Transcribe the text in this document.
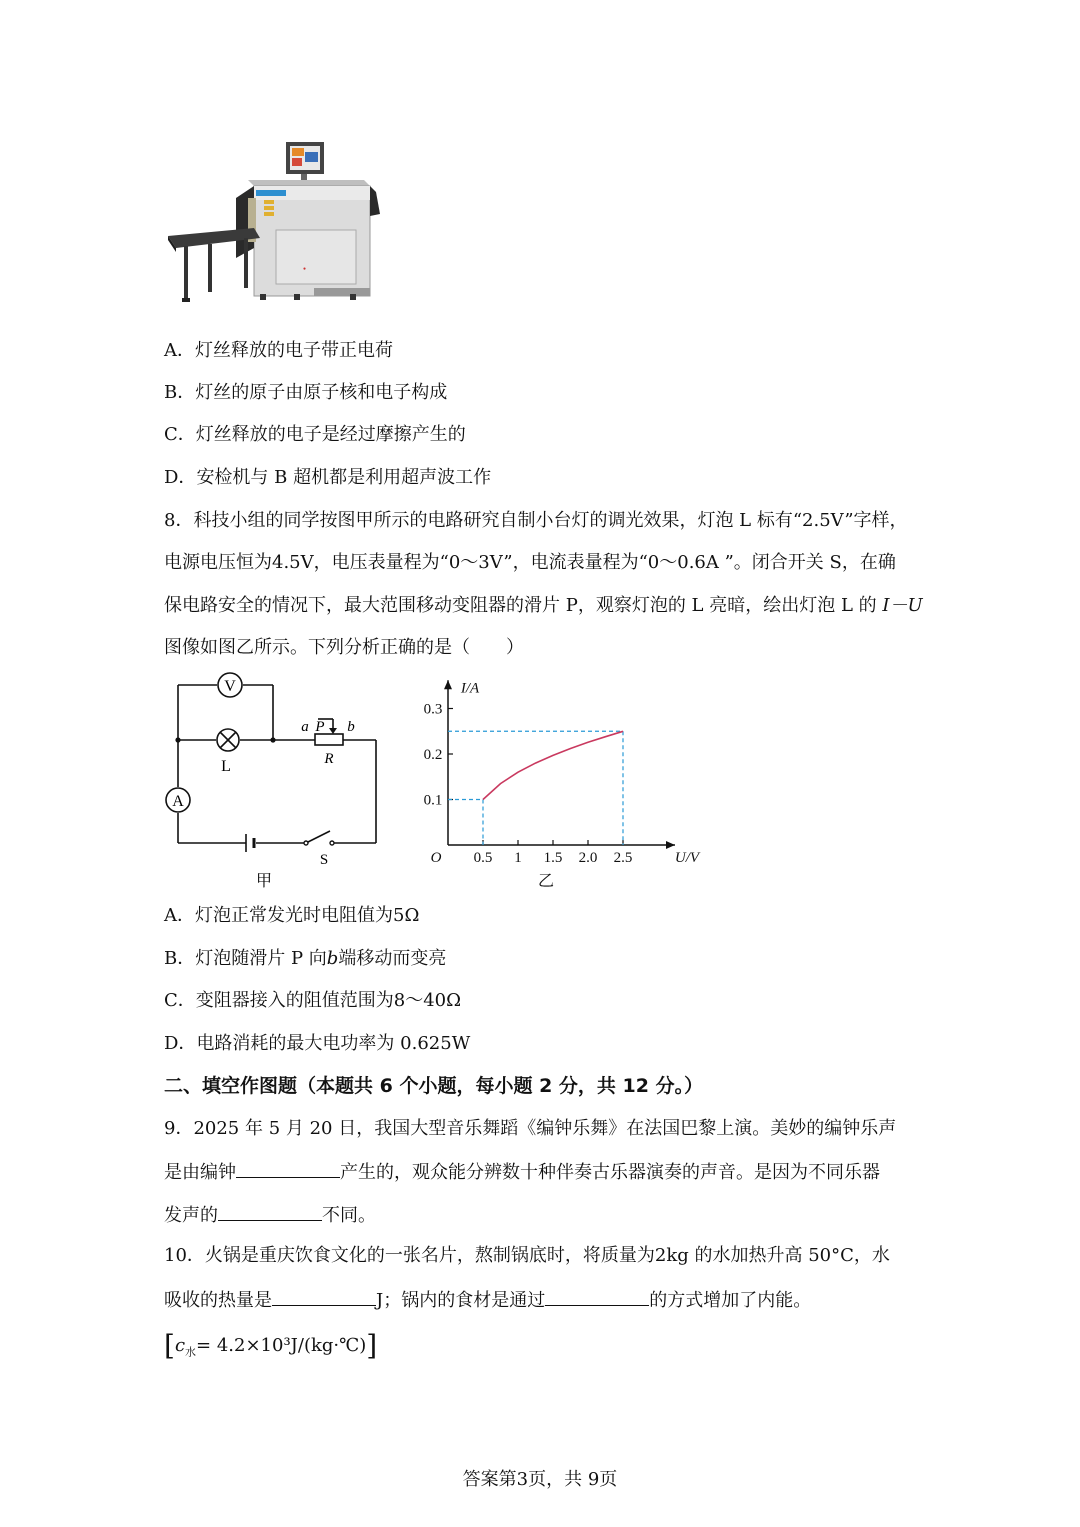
●　　　
A．灯丝释放的电子带正电荷
B．灯丝的原子由原子核和电子构成
C．灯丝释放的电子是经过摩擦产生的
D．安检机与 B 超机都是利用超声波工作
8．科技小组的同学按图甲所示的电路研究自制小台灯的调光效果，灯泡 L 标有“2.5V”字样，
电源电压恒为4.5V，电压表量程为“0～3V”，电流表量程为“0～0.6A ”。闭合开关 S，在确
保电路安全的情况下，最大范围移动变阻器的滑片 P，观察灯泡的 L 亮暗，绘出灯泡 L 的 I－U
图像如图乙所示。下列分析正确的是（　　）
V
A
L	R
P
a	b
S
甲
0.5 1 1.5 2.0 2.5
0.1
0.2
0.3
O	U/V
I/A
乙
A．灯泡正常发光时电阻值为5Ω
B．灯泡随滑片 P 向b端移动而变亮
C．变阻器接入的阻值范围为8～40Ω
D．电路消耗的最大电功率为 0.625W
二、填空作图题（本题共 6 个小题，每小题 2 分，共 12 分。）
9．2025 年 5 月 20 日，我国大型音乐舞蹈《编钟乐舞》在法国巴黎上演。美妙的编钟乐声
是由编钟	产生的，观众能分辨数十种伴奏古乐器演奏的声音。是因为不同乐器
发声的	不同。
10．火锅是重庆饮食文化的一张名片，熬制锅底时，将质量为2kg 的水加热升高 50°C，水
吸收的热量是	J；锅内的食材是通过	的方式增加了内能。
[$c_水=$ 4.2×10³J/(kg·℃)]
答案第3页，共 9页
